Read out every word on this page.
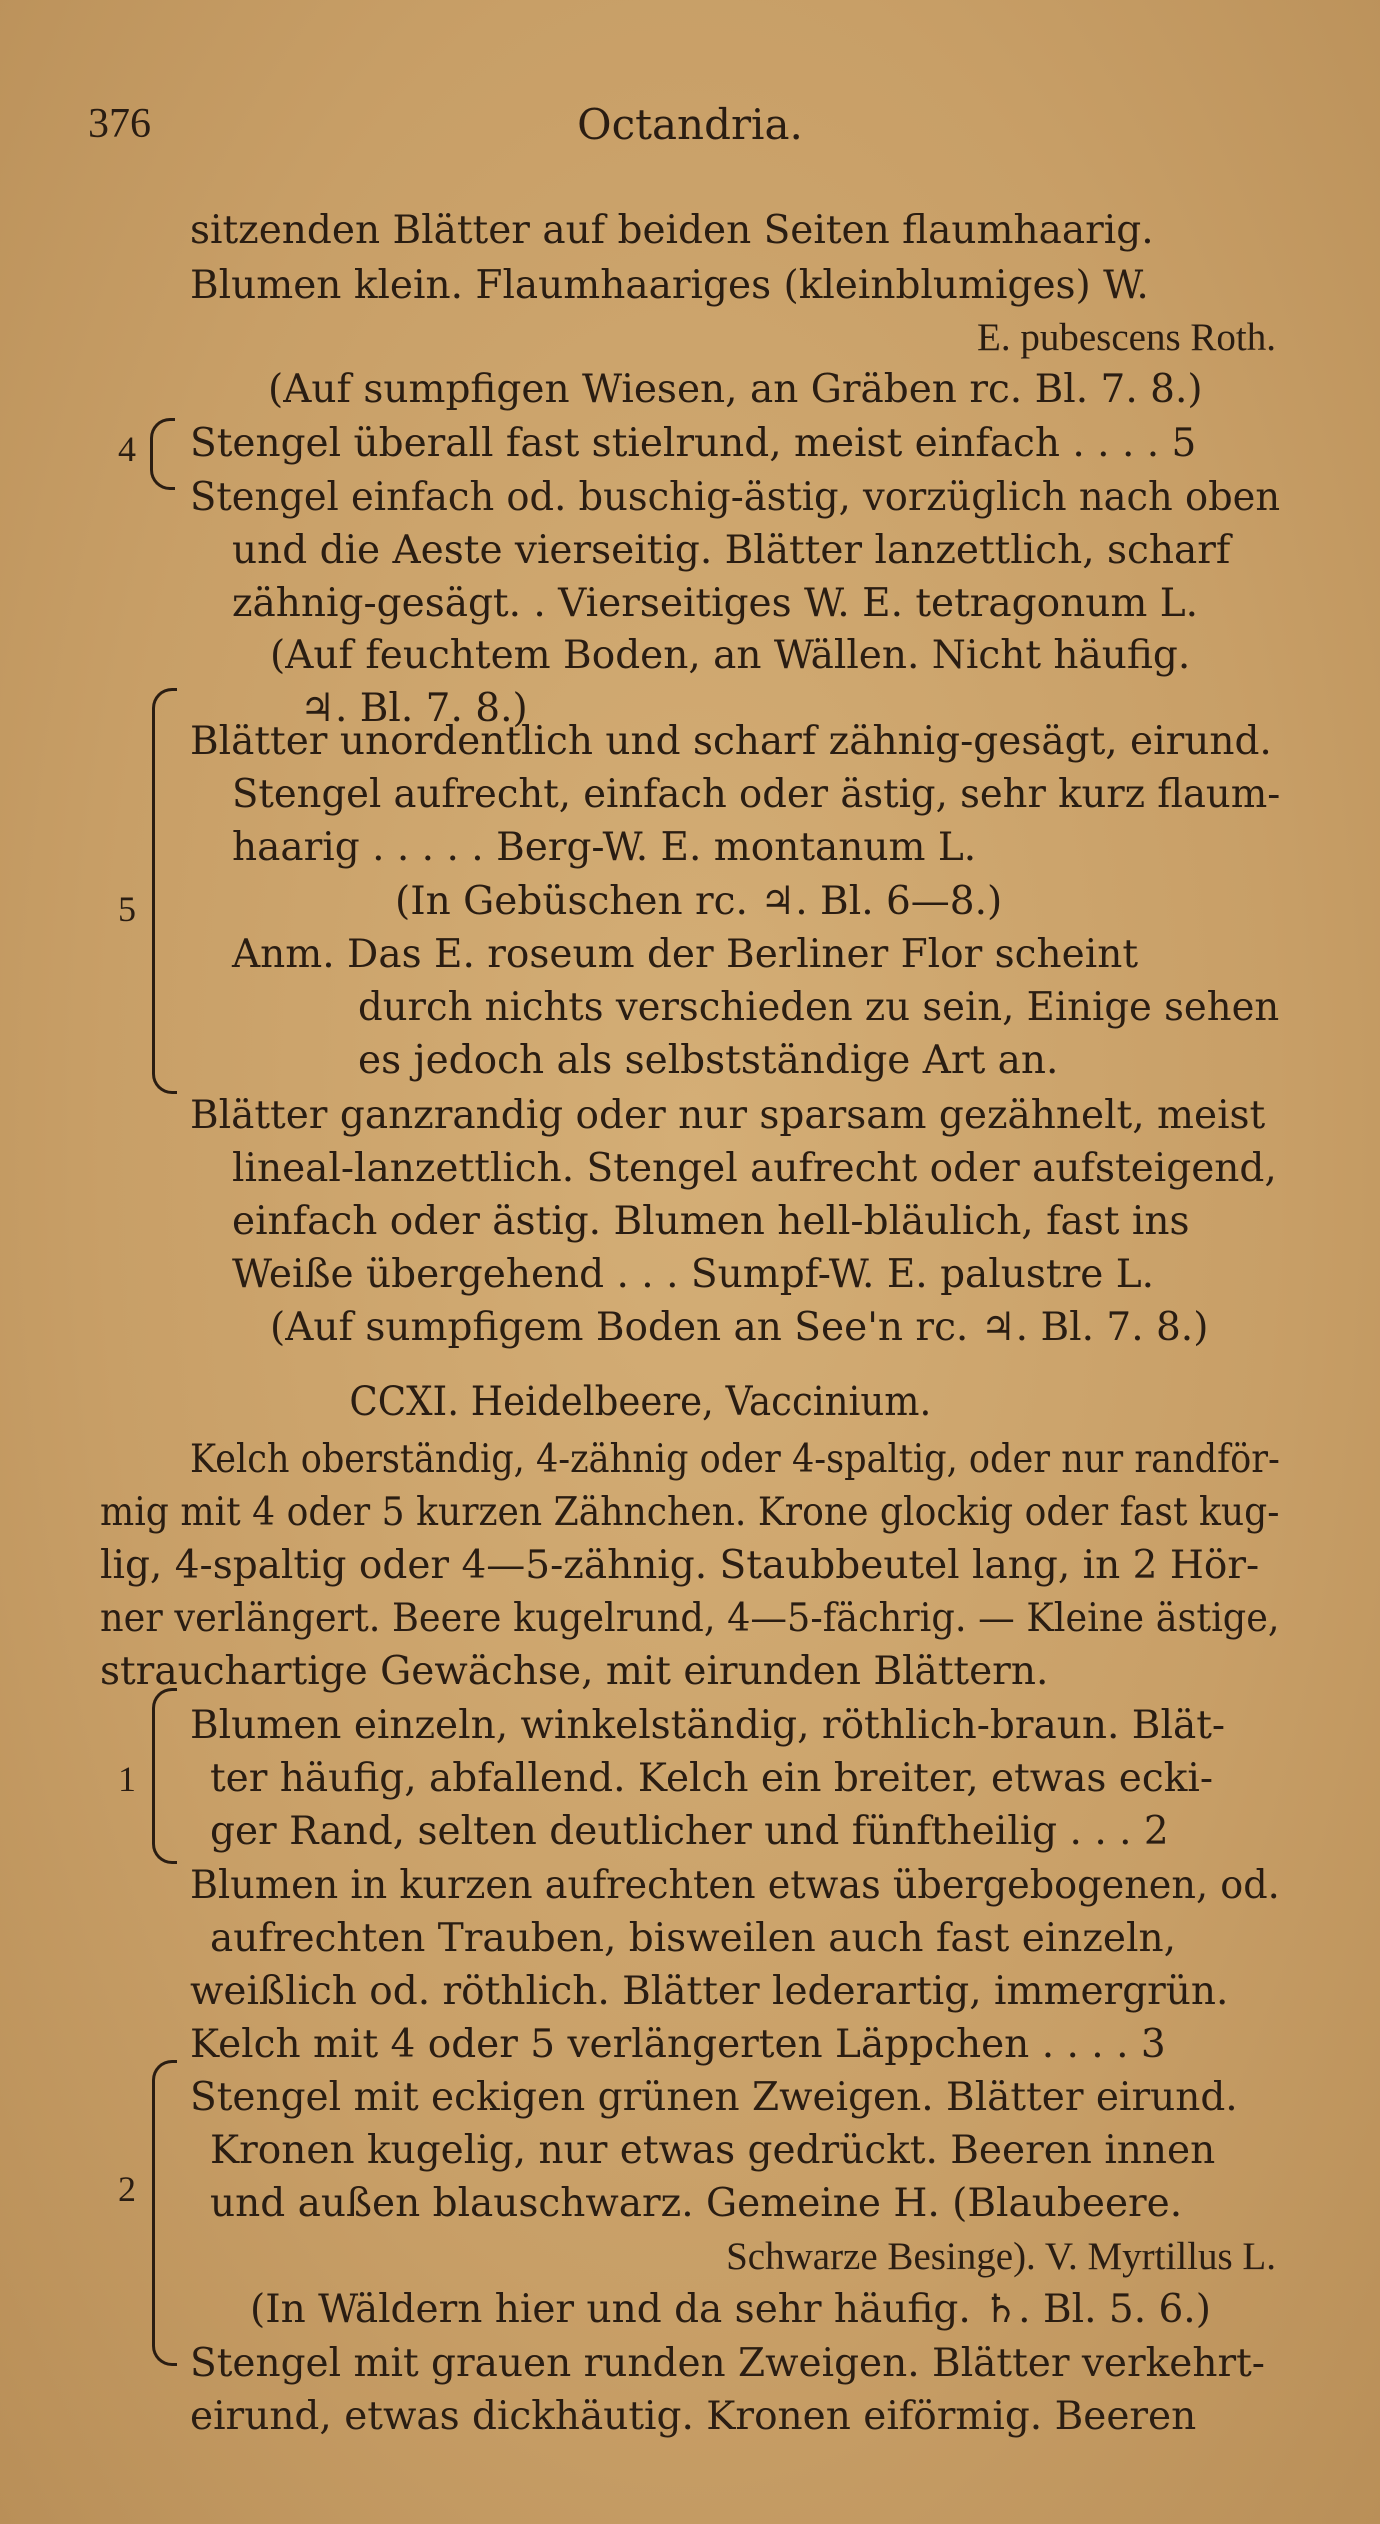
Octandria.
376
4
5
1
2
sitzenden Blätter auf beiden Seiten flaumhaarig.
Blumen klein. Flaumhaariges (kleinblumiges) W.
E. pubescens Roth.
(Auf sumpfigen Wiesen, an Gräben rc. Bl. 7. 8.)
Stengel überall fast stielrund, meist einfach . . . . 5
Stengel einfach od. buschig-ästig, vorzüglich nach oben
und die Aeste vierseitig. Blätter lanzettlich, scharf
zähnig-gesägt. . Vierseitiges W. E. tetragonum L.
(Auf feuchtem Boden, an Wällen. Nicht häufig.
♃. Bl. 7. 8.)
Blätter unordentlich und scharf zähnig-gesägt, eirund.
Stengel aufrecht, einfach oder ästig, sehr kurz flaum-
haarig . . . . . Berg-W. E. montanum L.
(In Gebüschen rc. ♃. Bl. 6—8.)
Anm. Das E. roseum der Berliner Flor scheint
durch nichts verschieden zu sein, Einige sehen
es jedoch als selbstständige Art an.
Blätter ganzrandig oder nur sparsam gezähnelt, meist
lineal-lanzettlich. Stengel aufrecht oder aufsteigend,
einfach oder ästig. Blumen hell-bläulich, fast ins
Weiße übergehend . . . Sumpf-W. E. palustre L.
(Auf sumpfigem Boden an See'n rc. ♃. Bl. 7. 8.)
CCXI. Heidelbeere, Vaccinium.
Kelch oberständig, 4-zähnig oder 4-spaltig, oder nur randför-
mig mit 4 oder 5 kurzen Zähnchen. Krone glockig oder fast kug-
lig, 4-spaltig oder 4—5-zähnig. Staubbeutel lang, in 2 Hör-
ner verlängert. Beere kugelrund, 4—5-fächrig. — Kleine ästige,
strauchartige Gewächse, mit eirunden Blättern.
Blumen einzeln, winkelständig, röthlich-braun. Blät-
ter häufig, abfallend. Kelch ein breiter, etwas ecki-
ger Rand, selten deutlicher und fünftheilig . . . 2
Blumen in kurzen aufrechten etwas übergebogenen, od.
aufrechten Trauben, bisweilen auch fast einzeln,
weißlich od. röthlich. Blätter lederartig, immergrün.
Kelch mit 4 oder 5 verlängerten Läppchen . . . . 3
Stengel mit eckigen grünen Zweigen. Blätter eirund.
Kronen kugelig, nur etwas gedrückt. Beeren innen
und außen blauschwarz. Gemeine H. (Blaubeere.
Schwarze Besinge). V. Myrtillus L.
(In Wäldern hier und da sehr häufig. ♄. Bl. 5. 6.)
Stengel mit grauen runden Zweigen. Blätter verkehrt-
eirund, etwas dickhäutig. Kronen eiförmig. Beeren
